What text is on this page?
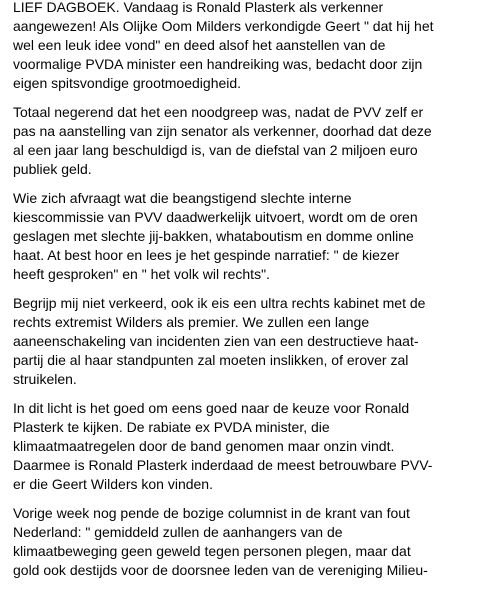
LIEF DAGBOEK. Vandaag is Ronald Plasterk als verkenner
aangewezen! Als Olijke Oom Milders verkondigde Geert " dat hij het
wel een leuk idee vond" en deed alsof het aanstellen van de
voormalige PVDA minister een handreiking was, bedacht door zijn
eigen spitsvondige grootmoedigheid.

Totaal negerend dat het een noodgreep was, nadat de PVV zelf er
pas na aanstelling van zijn senator als verkenner, doorhad dat deze
al een jaar lang beschuldigd is, van de diefstal van 2 miljoen euro
publiek geld.

Wie zich afvraagt wat die beangstigend slechte interne
kiescommissie van PVV daadwerkelijk uitvoert, wordt om de oren
geslagen met slechte jij-bakken, whataboutism en domme online
haat. At best hoor en lees je het gespinde narratief: " de kiezer
heeft gesproken" en " het volk wil rechts".

Begrijp mij niet verkeerd, ook ik eis een ultra rechts kabinet met de
rechts extremist Wilders als premier. We zullen een lange
aaneenschakeling van incidenten zien van een destructieve haat-
partij die al haar standpunten zal moeten inslikken, of erover zal
struikelen.

In dit licht is het goed om eens goed naar de keuze voor Ronald
Plasterk te kijken. De rabiate ex PVDA minister, die
klimaatmaatregelen door de band genomen maar onzin vindt.
Daarmee is Ronald Plasterk inderdaad de meest betrouwbare PVV-
er die Geert Wilders kon vinden.

Vorige week nog pende de bozige columnist in de krant van fout
Nederland: " gemiddeld zullen de aanhangers van de
klimaatbeweging geen geweld tegen personen plegen, maar dat
gold ook destijds voor de doorsnee leden van de vereniging Milieu-
